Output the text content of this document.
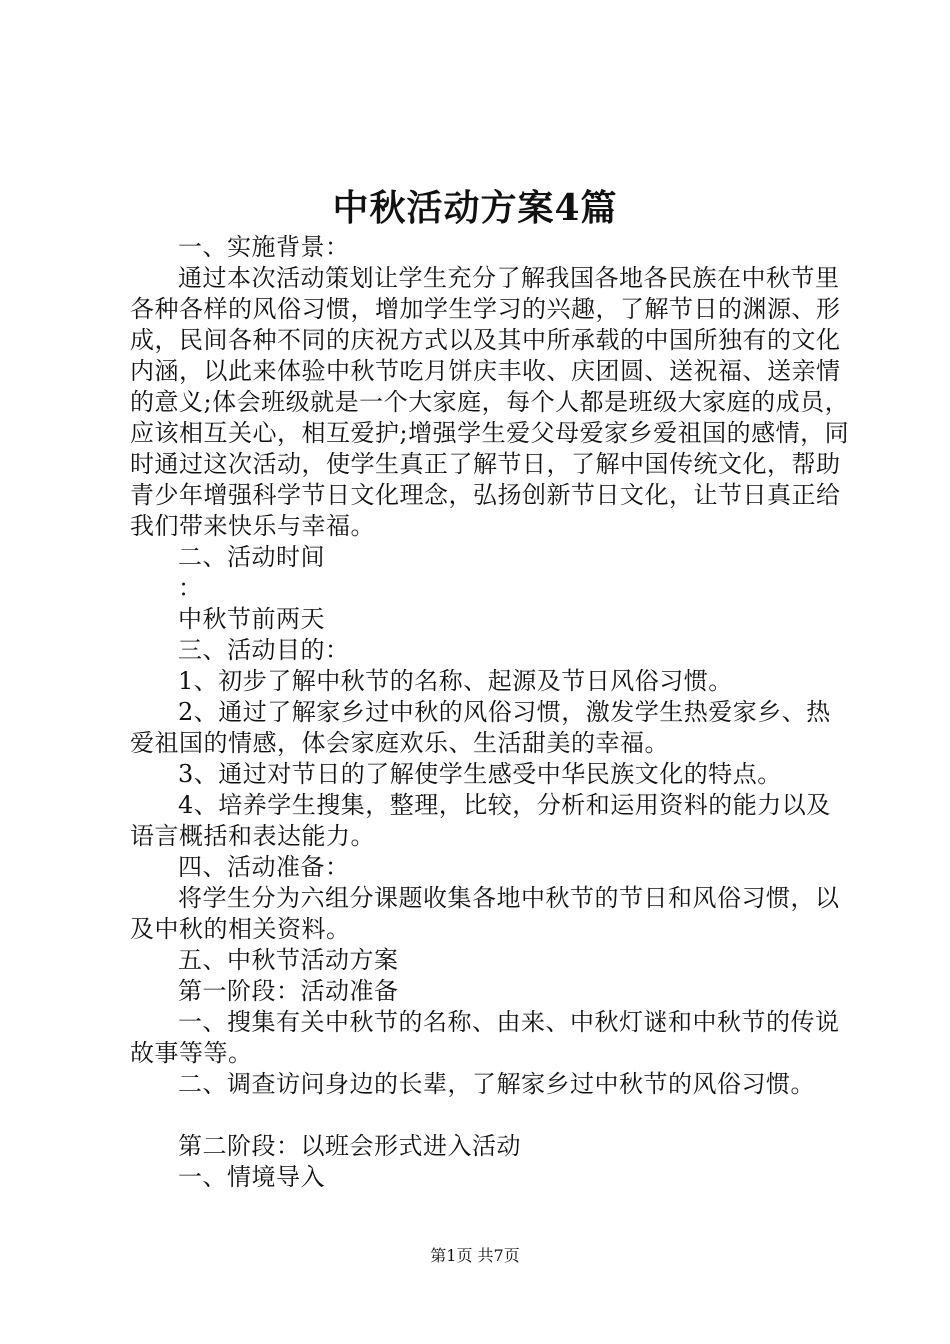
中秋活动方案4篇

一、实施背景：

通过本次活动策划让学生充分了解我国各地各民族在中秋节里各种各样的风俗习惯，增加学生学习的兴趣，了解节日的渊源、形成，民间各种不同的庆祝方式以及其中所承载的中国所独有的文化内涵，以此来体验中秋节吃月饼庆丰收、庆团圆、送祝福、送亲情的意义;体会班级就是一个大家庭，每个人都是班级大家庭的成员，应该相互关心，相互爱护;增强学生爱父母爱家乡爱祖国的感情，同时通过这次活动，使学生真正了解节日，了解中国传统文化，帮助青少年增强科学节日文化理念，弘扬创新节日文化，让节日真正给我们带来快乐与幸福。

二、活动时间

：

中秋节前两天

三、活动目的：

1、初步了解中秋节的名称、起源及节日风俗习惯。

2、通过了解家乡过中秋的风俗习惯，激发学生热爱家乡、热爱祖国的情感，体会家庭欢乐、生活甜美的幸福。

3、通过对节日的了解使学生感受中华民族文化的特点。

4、培养学生搜集，整理，比较，分析和运用资料的能力以及语言概括和表达能力。

四、活动准备：

将学生分为六组分课题收集各地中秋节的节日和风俗习惯，以及中秋的相关资料。

五、中秋节活动方案

第一阶段：活动准备

一、搜集有关中秋节的名称、由来、中秋灯谜和中秋节的传说故事等等。

二、调查访问身边的长辈，了解家乡过中秋节的风俗习惯。

第二阶段：以班会形式进入活动

一、情境导入

第1页 共7页
